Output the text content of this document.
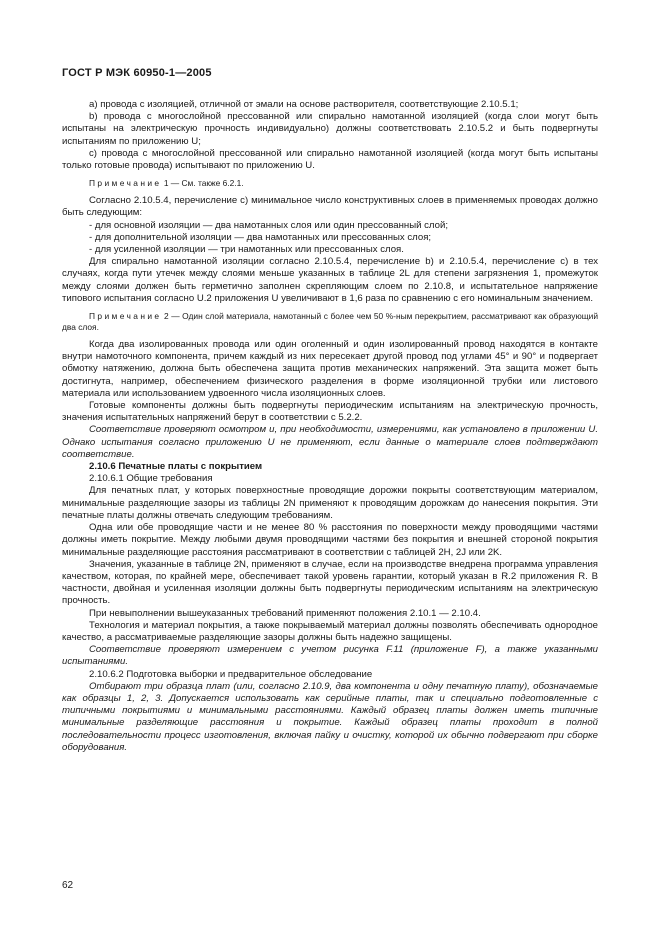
ГОСТ Р МЭК 60950-1—2005

а) провода с изоляцией, отличной от эмали на основе растворителя, соответствующие 2.10.5.1;

b) провода с многослойной прессованной или спирально намотанной изоляцией (когда слои могут быть испытаны на электрическую прочность индивидуально) должны соответствовать 2.10.5.2 и быть подвергнуты испытаниям по приложению U;

с) провода с многослойной прессованной или спирально намотанной изоляцией (когда могут быть испытаны только готовые провода) испытывают по приложению U.

Примечание 1 — См. также 6.2.1.

Согласно 2.10.5.4, перечисление с) минимальное число конструктивных слоев в применяемых проводах должно быть следующим:

- для основной изоляции — два намотанных слоя или один прессованный слой;

- для дополнительной изоляции — два намотанных или прессованных слоя;

- для усиленной изоляции — три намотанных или прессованных слоя.

Для спирально намотанной изоляции согласно 2.10.5.4, перечисление b) и 2.10.5.4, перечисление с) в тех случаях, когда пути утечек между слоями меньше указанных в таблице 2L для степени загрязнения 1, промежуток между слоями должен быть герметично заполнен скрепляющим слоем по 2.10.8, и испытательное напряжение типового испытания согласно U.2 приложения U увеличивают в 1,6 раза по сравнению с его номинальным значением.

Примечание 2 — Один слой материала, намотанный с более чем 50 %-ным перекрытием, рассматривают как образующий два слоя.

Когда два изолированных провода или один оголенный и один изолированный провод находятся в контакте внутри намоточного компонента, причем каждый из них пересекает другой провод под углами 45° и 90° и подвергает обмотку натяжению, должна быть обеспечена защита против механических напряжений. Эта защита может быть достигнута, например, обеспечением физического разделения в форме изоляционной трубки или листового материала или использованием удвоенного числа изоляционных слоев.

Готовые компоненты должны быть подвергнуты периодическим испытаниям на электрическую прочность, значения испытательных напряжений берут в соответствии с 5.2.2.

Соответствие проверяют осмотром и, при необходимости, измерениями, как установлено в приложении U. Однако испытания согласно приложению U не применяют, если данные о материале слоев подтверждают соответствие.

2.10.6 Печатные платы с покрытием

2.10.6.1 Общие требования

Для печатных плат, у которых поверхностные проводящие дорожки покрыты соответствующим материалом, минимальные разделяющие зазоры из таблицы 2N применяют к проводящим дорожкам до нанесения покрытия. Эти печатные платы должны отвечать следующим требованиям.

Одна или обе проводящие части и не менее 80 % расстояния по поверхности между проводящими частями должны иметь покрытие. Между любыми двумя проводящими частями без покрытия и внешней стороной покрытия минимальные разделяющие расстояния рассматривают в соответствии с таблицей 2H, 2J или 2K.

Значения, указанные в таблице 2N, применяют в случае, если на производстве внедрена программа управления качеством, которая, по крайней мере, обеспечивает такой уровень гарантии, который указан в R.2 приложения R. В частности, двойная и усиленная изоляции должны быть подвергнуты периодическим испытаниям на электрическую прочность.

При невыполнении вышеуказанных требований применяют положения 2.10.1 — 2.10.4.

Технология и материал покрытия, а также покрываемый материал должны позволять обеспечивать однородное качество, а рассматриваемые разделяющие зазоры должны быть надежно защищены.

Соответствие проверяют измерением с учетом рисунка F.11 (приложение F), а также указанными испытаниями.

2.10.6.2 Подготовка выборки и предварительное обследование

Отбирают три образца плат (или, согласно 2.10.9, два компонента и одну печатную плату), обозначаемые как образцы 1, 2, 3. Допускается использовать как серийные платы, так и специально подготовленные с типичными покрытиями и минимальными расстояниями. Каждый образец платы должен иметь типичные минимальные разделяющие расстояния и покрытие. Каждый образец платы проходит в полной последовательности процесс изготовления, включая пайку и очистку, которой их обычно подвергают при сборке оборудования.

62
